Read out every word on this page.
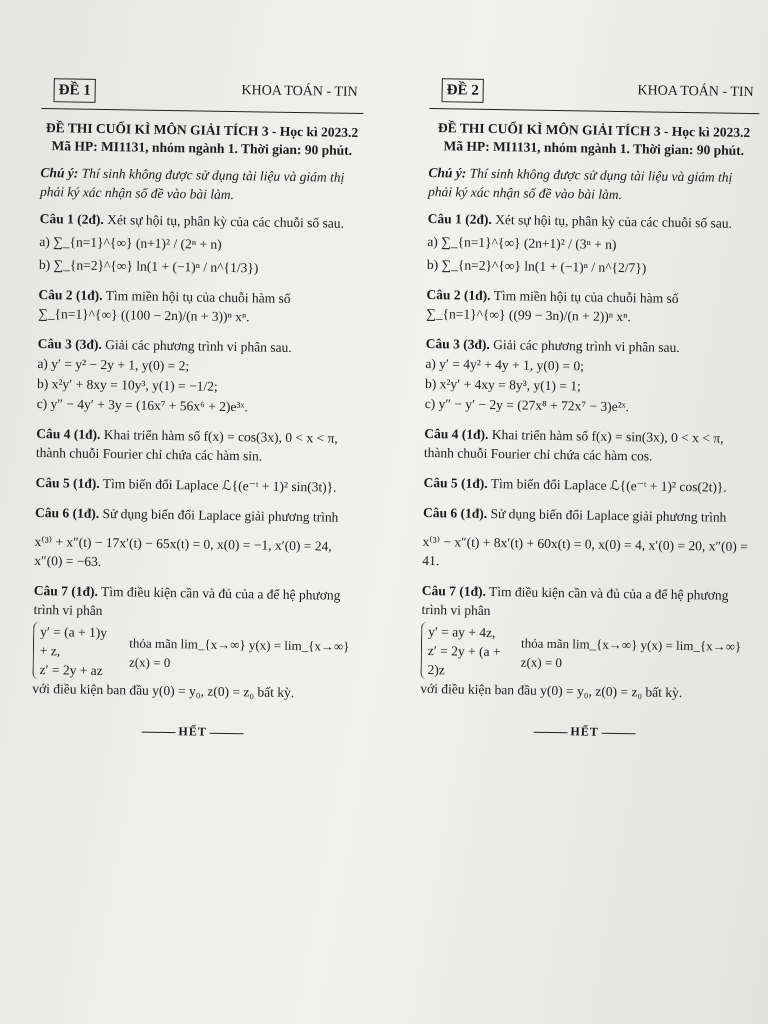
ĐỀ 1	KHOA TOÁN - TIN
ĐỀ THI CUỐI KÌ MÔN GIẢI TÍCH 3 - Học kì 2023.2
Mã HP: MI1131, nhóm ngành 1. Thời gian: 90 phút.
Chú ý: Thí sinh không được sử dụng tài liệu và giám thị phải ký xác nhận số đề vào bài làm.
Câu 1 (2đ). Xét sự hội tụ, phân kỳ của các chuỗi số sau.
a) ∑_{n=1}^{∞} (n+1)² / (2ⁿ + n)
b) ∑_{n=2}^{∞} ln(1 + (−1)ⁿ / n^{1/3})
Câu 2 (1đ). Tìm miền hội tụ của chuỗi hàm số ∑_{n=1}^{∞} ((100 − 2n)/(n + 3))ⁿ xⁿ.
Câu 3 (3đ). Giải các phương trình vi phân sau.
a) y′ = y² − 2y + 1, y(0) = 2;
b) x²y′ + 8xy = 10y³, y(1) = −1/2;
c) y″ − 4y′ + 3y = (16x⁷ + 56x⁶ + 2)e³ˣ.
Câu 4 (1đ). Khai triển hàm số f(x) = cos(3x), 0 < x < π, thành chuỗi Fourier chỉ chứa các hàm sin.
Câu 5 (1đ). Tìm biến đổi Laplace ℒ{(e⁻ᵗ + 1)² sin(3t)}.
Câu 6 (1đ). Sử dụng biến đổi Laplace giải phương trình
x⁽³⁾ + x″(t) − 17x′(t) − 65x(t) = 0, x(0) = −1, x′(0) = 24, x″(0) = −63.
Câu 7 (1đ). Tìm điều kiện cần và đủ của a để hệ phương trình vi phân
y′ = (a + 1)y + z,
z′ = 2y + az
thỏa mãn lim_{x→∞} y(x) = lim_{x→∞} z(x) = 0
với điều kiện ban đầu y(0) = y₀, z(0) = z₀ bất kỳ.
HẾT
ĐỀ 2	KHOA TOÁN - TIN
ĐỀ THI CUỐI KÌ MÔN GIẢI TÍCH 3 - Học kì 2023.2
Mã HP: MI1131, nhóm ngành 1. Thời gian: 90 phút.
Chú ý: Thí sinh không được sử dụng tài liệu và giám thị phải ký xác nhận số đề vào bài làm.
Câu 1 (2đ). Xét sự hội tụ, phân kỳ của các chuỗi số sau.
a) ∑_{n=1}^{∞} (2n+1)² / (3ⁿ + n)
b) ∑_{n=2}^{∞} ln(1 + (−1)ⁿ / n^{2/7})
Câu 2 (1đ). Tìm miền hội tụ của chuỗi hàm số ∑_{n=1}^{∞} ((99 − 3n)/(n + 2))ⁿ xⁿ.
Câu 3 (3đ). Giải các phương trình vi phân sau.
a) y′ = 4y² + 4y + 1, y(0) = 0;
b) x²y′ + 4xy = 8y³, y(1) = 1;
c) y″ − y′ − 2y = (27x⁸ + 72x⁷ − 3)e²ˣ.
Câu 4 (1đ). Khai triển hàm số f(x) = sin(3x), 0 < x < π, thành chuỗi Fourier chỉ chứa các hàm cos.
Câu 5 (1đ). Tìm biến đổi Laplace ℒ{(e⁻ᵗ + 1)² cos(2t)}.
Câu 6 (1đ). Sử dụng biến đổi Laplace giải phương trình
x⁽³⁾ − x″(t) + 8x′(t) + 60x(t) = 0, x(0) = 4, x′(0) = 20, x″(0) = 41.
Câu 7 (1đ). Tìm điều kiện cần và đủ của a để hệ phương trình vi phân
y′ = ay + 4z,
z′ = 2y + (a + 2)z
thỏa mãn lim_{x→∞} y(x) = lim_{x→∞} z(x) = 0
với điều kiện ban đầu y(0) = y₀, z(0) = z₀ bất kỳ.
HẾT
